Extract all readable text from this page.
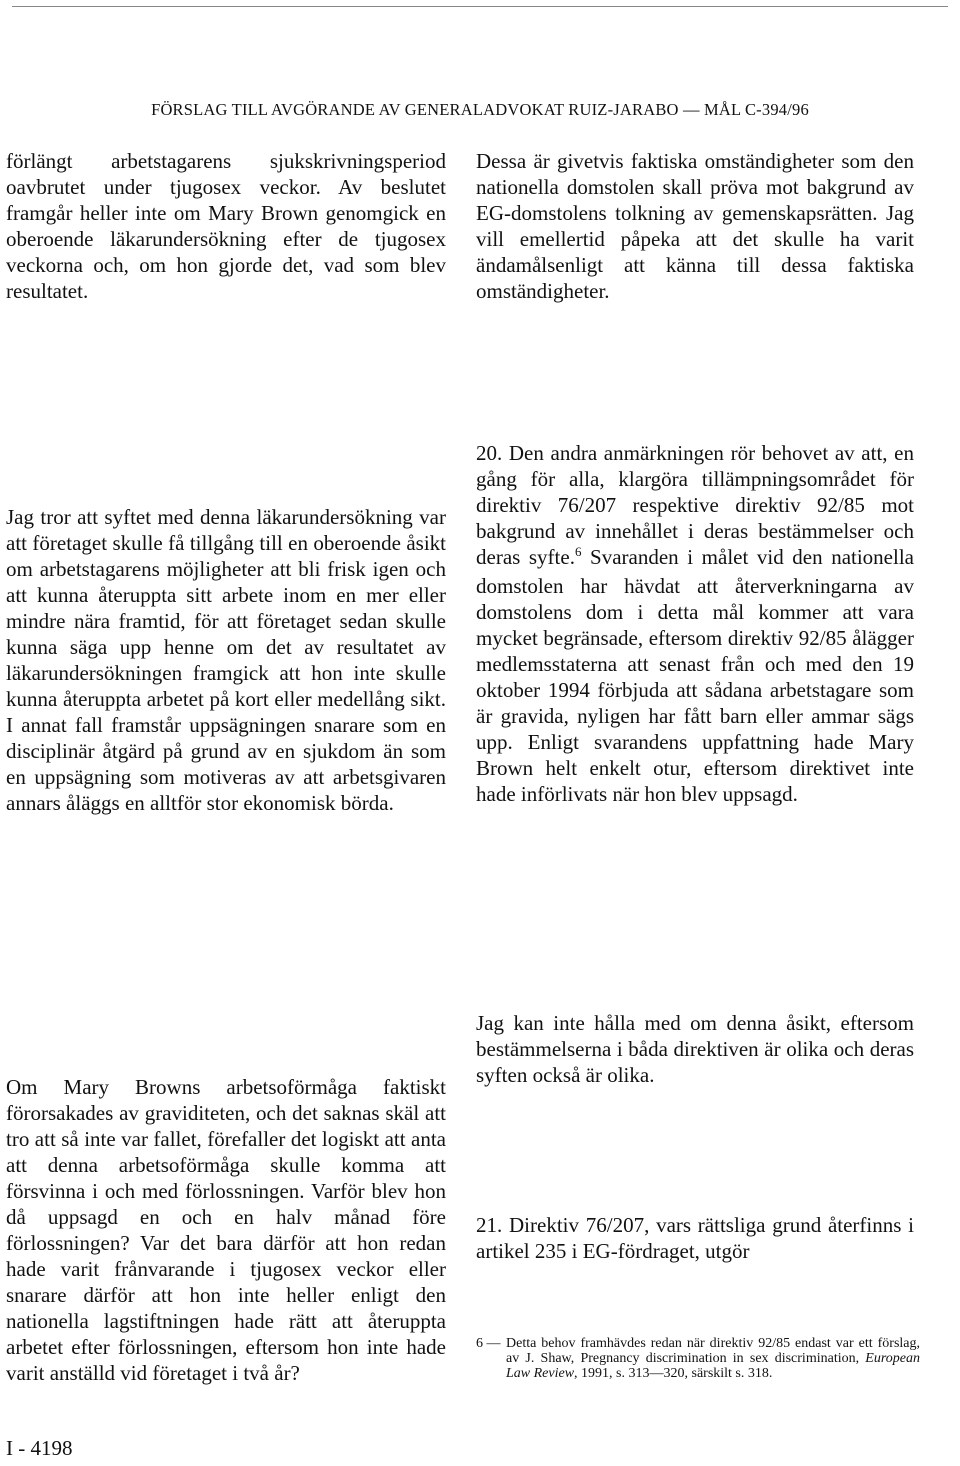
FÖRSLAG TILL AVGÖRANDE AV GENERALADVOKAT RUIZ-JARABO — MÅL C-394/96

förlängt arbetstagarens sjukskrivningsperiod oavbrutet under tjugosex veckor. Av beslutet framgår heller inte om Mary Brown genomgick en oberoende läkarundersökning efter de tjugosex veckorna och, om hon gjorde det, vad som blev resultatet.

Jag tror att syftet med denna läkarundersökning var att företaget skulle få tillgång till en oberoende åsikt om arbetstagarens möjligheter att bli frisk igen och att kunna återuppta sitt arbete inom en mer eller mindre nära framtid, för att företaget sedan skulle kunna säga upp henne om det av resultatet av läkarundersökningen framgick att hon inte skulle kunna återuppta arbetet på kort eller medellång sikt. I annat fall framstår uppsägningen snarare som en disciplinär åtgärd på grund av en sjukdom än som en uppsägning som motiveras av att arbetsgivaren annars åläggs en alltför stor ekonomisk börda.

Om Mary Browns arbetsoförmåga faktiskt förorsakades av graviditeten, och det saknas skäl att tro att så inte var fallet, förefaller det logiskt att anta att denna arbetsoförmåga skulle komma att försvinna i och med förlossningen. Varför blev hon då uppsagd en och en halv månad före förlossningen? Var det bara därför att hon redan hade varit frånvarande i tjugosex veckor eller snarare därför att hon inte heller enligt den nationella lagstiftningen hade rätt att återuppta arbetet efter förlossningen, eftersom hon inte hade varit anställd vid företaget i två år?

Dessa är givetvis faktiska omständigheter som den nationella domstolen skall pröva mot bakgrund av EG-domstolens tolkning av gemenskapsrätten. Jag vill emellertid påpeka att det skulle ha varit ändamålsenligt att känna till dessa faktiska omständigheter.

20. Den andra anmärkningen rör behovet av att, en gång för alla, klargöra tillämpningsområdet för direktiv 76/207 respektive direktiv 92/85 mot bakgrund av innehållet i deras bestämmelser och deras syfte.$^6$ Svaranden i målet vid den nationella domstolen har hävdat att återverkningarna av domstolens dom i detta mål kommer att vara mycket begränsade, eftersom direktiv 92/85 ålägger medlemsstaterna att senast från och med den 19 oktober 1994 förbjuda att sådana arbetstagare som är gravida, nyligen har fått barn eller ammar sägs upp. Enligt svarandens uppfattning hade Mary Brown helt enkelt otur, eftersom direktivet inte hade införlivats när hon blev uppsagd.

Jag kan inte hålla med om denna åsikt, eftersom bestämmelserna i båda direktiven är olika och deras syften också är olika.

21. Direktiv 76/207, vars rättsliga grund återfinns i artikel 235 i EG-fördraget, utgör

6 — Detta behov framhävdes redan när direktiv 92/85 endast var ett förslag, av J. Shaw, Pregnancy discrimination in sex discrimination, European Law Review, 1991, s. 313—320, särskilt s. 318.
I - 4198
